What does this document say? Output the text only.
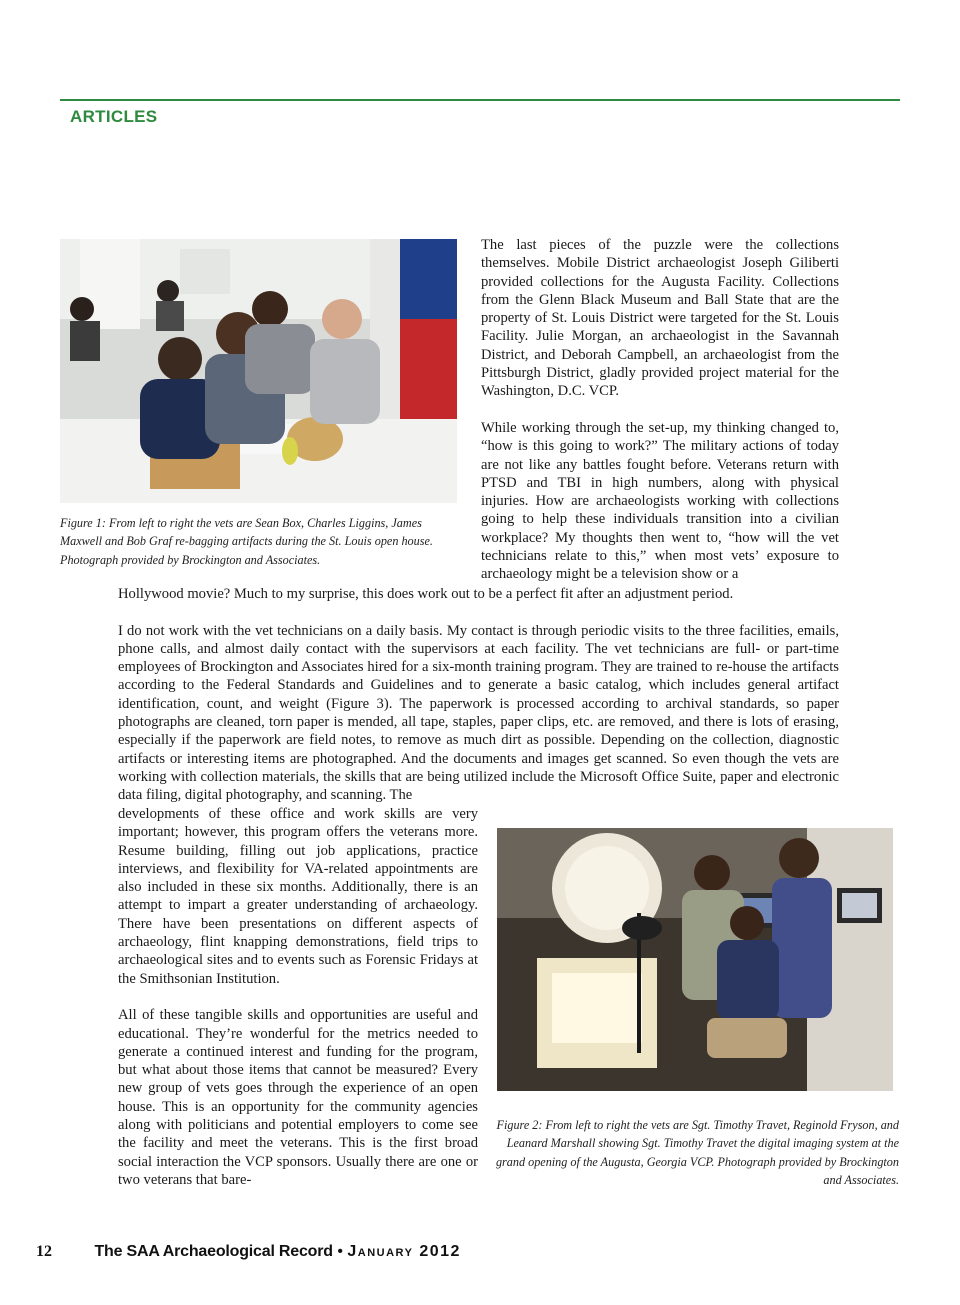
ARTICLES

Figure 1: From left to right the vets are Sean Box, Charles Liggins, James Maxwell and Bob Graf re-bagging artifacts during the St. Louis open house. Photograph provided by Brockington and Associates.

The last pieces of the puzzle were the collections themselves. Mobile District archaeologist Joseph Giliberti provided collections for the Augusta Facility. Collections from the Glenn Black Museum and Ball State that are the property of St. Louis District were targeted for the St. Louis Facility. Julie Morgan, an archaeologist in the Savannah District, and Deborah Campbell, an archaeologist from the Pittsburgh District, gladly provided project material for the Washington, D.C. VCP.

While working through the set-up, my thinking changed to, “how is this going to work?” The military actions of today are not like any battles fought before. Veterans return with PTSD and TBI in high numbers, along with physical injuries. How are archaeologists working with collections going to help these individuals transition into a civilian workplace? My thoughts then went to, “how will the vet technicians relate to this,” when most vets’ exposure to archaeology might be a television show or a

Hollywood movie? Much to my surprise, this does work out to be a perfect fit after an adjustment period.

I do not work with the vet technicians on a daily basis. My contact is through periodic visits to the three facilities, emails, phone calls, and almost daily contact with the supervisors at each facility. The vet technicians are full- or part-time employees of Brockington and Associates hired for a six-month training program. They are trained to re-house the artifacts according to the Federal Standards and Guidelines and to generate a basic catalog, which includes general artifact identification, count, and weight (Figure 3). The paperwork is processed according to archival standards, so paper photographs are cleaned, torn paper is mended, all tape, staples, paper clips, etc. are removed, and there is lots of erasing, especially if the paperwork are field notes, to remove as much dirt as possible. Depending on the collection, diagnostic artifacts or interesting items are photographed. And the documents and images get scanned. So even though the vets are working with collection materials, the skills that are being utilized include the Microsoft Office Suite, paper and electronic data filing, digital photography, and scanning. The

developments of these office and work skills are very important; however, this program offers the veterans more. Resume building, filling out job applications, practice interviews, and flexibility for VA-related appointments are also included in these six months. Additionally, there is an attempt to impart a greater understanding of archaeology. There have been presentations on different aspects of archaeology, flint knapping demonstrations, field trips to archaeological sites and to events such as Forensic Fridays at the Smithsonian Institution.

All of these tangible skills and opportunities are useful and educational. They’re wonderful for the metrics needed to generate a continued interest and funding for the program, but what about those items that cannot be measured? Every new group of vets goes through the experience of an open house. This is an opportunity for the community agencies along with politicians and potential employers to come see the facility and meet the veterans. This is the first broad social interaction the VCP sponsors. Usually there are one or two veterans that bare-

Figure 2: From left to right the vets are Sgt. Timothy Travet, Reginold Fryson, and Leanard Marshall showing Sgt. Timothy Travet the digital imaging system at the grand opening of the Augusta, Georgia VCP. Photograph provided by Brockington and Associates.

12	The SAA Archaeological Record • January 2012
